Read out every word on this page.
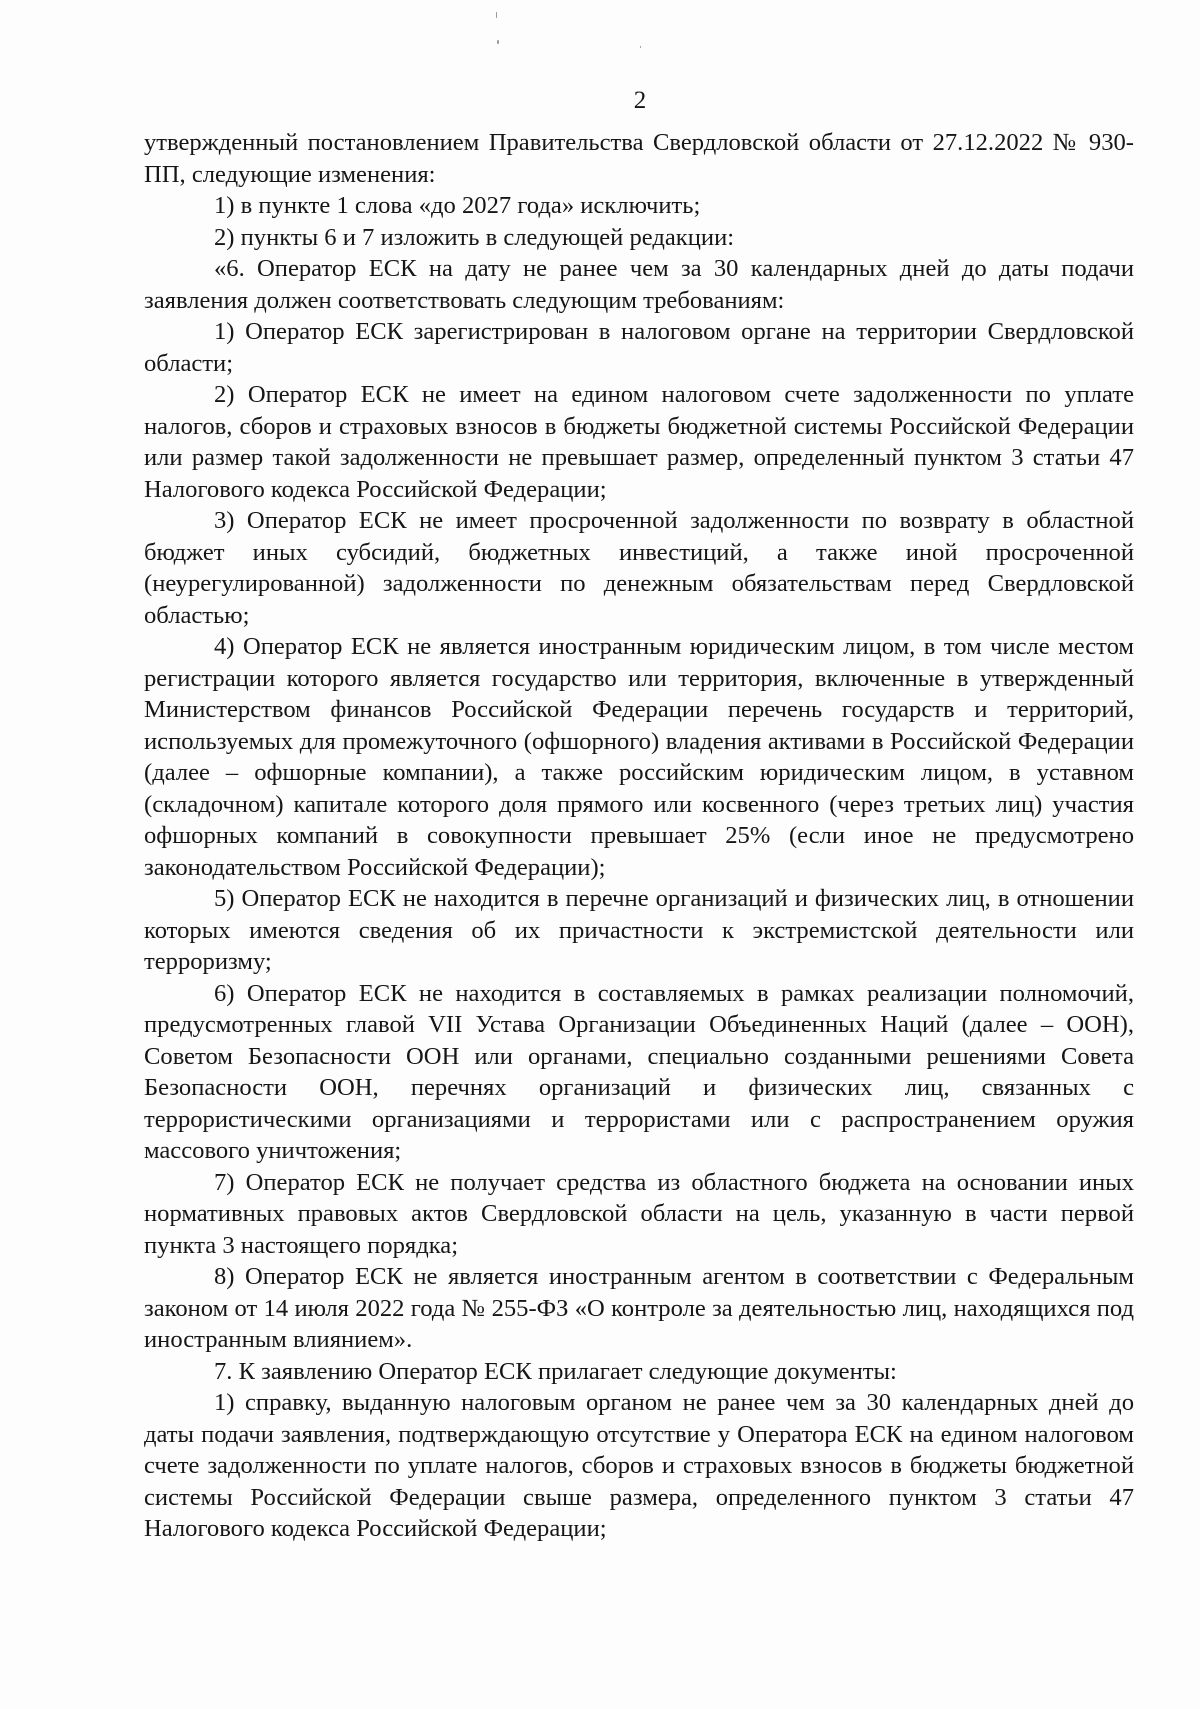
2

утвержденный постановлением Правительства Свердловской области от 27.12.2022 № 930-ПП, следующие изменения:

1) в пункте 1 слова «до 2027 года» исключить;

2) пункты 6 и 7 изложить в следующей редакции:

«6. Оператор ЕСК на дату не ранее чем за 30 календарных дней до даты подачи заявления должен соответствовать следующим требованиям:

1) Оператор ЕСК зарегистрирован в налоговом органе на территории Свердловской области;

2) Оператор ЕСК не имеет на едином налоговом счете задолженности по уплате налогов, сборов и страховых взносов в бюджеты бюджетной системы Российской Федерации или размер такой задолженности не превышает размер, определенный пунктом 3 статьи 47 Налогового кодекса Российской Федерации;

3) Оператор ЕСК не имеет просроченной задолженности по возврату в областной бюджет иных субсидий, бюджетных инвестиций, а также иной просроченной (неурегулированной) задолженности по денежным обязательствам перед Свердловской областью;

4) Оператор ЕСК не является иностранным юридическим лицом, в том числе местом регистрации которого является государство или территория, включенные в утвержденный Министерством финансов Российской Федерации перечень государств и территорий, используемых для промежуточного (офшорного) владения активами в Российской Федерации (далее – офшорные компании), а также российским юридическим лицом, в уставном (складочном) капитале которого доля прямого или косвенного (через третьих лиц) участия офшорных компаний в совокупности превышает 25% (если иное не предусмотрено законодательством Российской Федерации);

5) Оператор ЕСК не находится в перечне организаций и физических лиц, в отношении которых имеются сведения об их причастности к экстремистской деятельности или терроризму;

6) Оператор ЕСК не находится в составляемых в рамках реализации полномочий, предусмотренных главой VII Устава Организации Объединенных Наций (далее – ООН), Советом Безопасности ООН или органами, специально созданными решениями Совета Безопасности ООН, перечнях организаций и физических лиц, связанных с террористическими организациями и террористами или с распространением оружия массового уничтожения;

7) Оператор ЕСК не получает средства из областного бюджета на основании иных нормативных правовых актов Свердловской области на цель, указанную в части первой пункта 3 настоящего порядка;

8) Оператор ЕСК не является иностранным агентом в соответствии с Федеральным законом от 14 июля 2022 года № 255-ФЗ «О контроле за деятельностью лиц, находящихся под иностранным влиянием».

7. К заявлению Оператор ЕСК прилагает следующие документы:

1) справку, выданную налоговым органом не ранее чем за 30 календарных дней до даты подачи заявления, подтверждающую отсутствие у Оператора ЕСК на едином налоговом счете задолженности по уплате налогов, сборов и страховых взносов в бюджеты бюджетной системы Российской Федерации свыше размера, определенного пунктом 3 статьи 47 Налогового кодекса Российской Федерации;
